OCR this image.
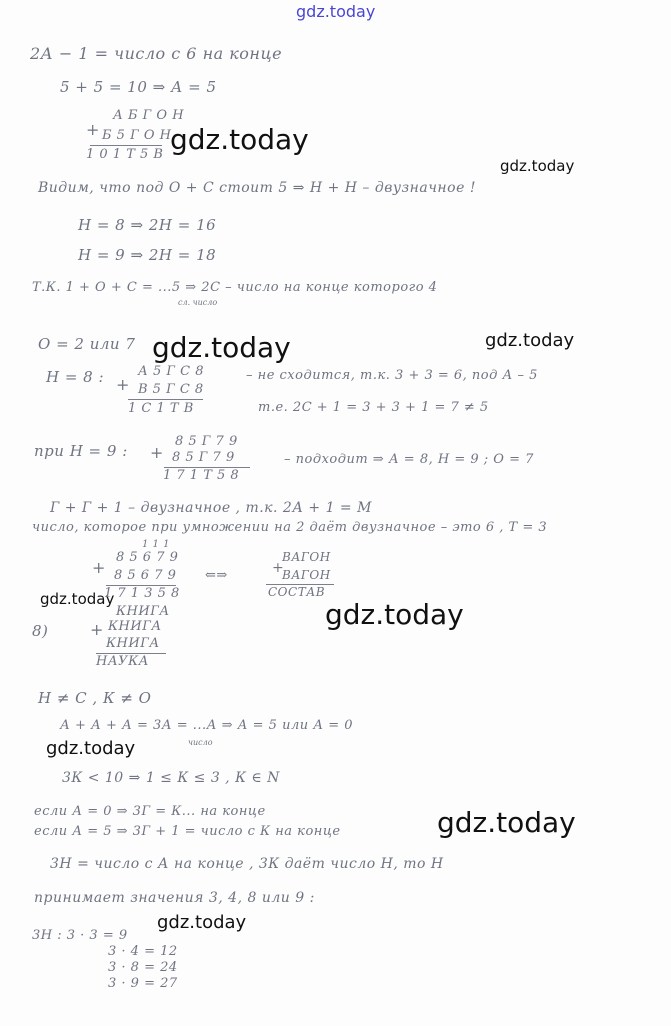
gdz.today
gdz.today
gdz.today
gdz.today	gdz.today
gdz.today	gdz.today
gdz.today
gdz.today
gdz.today
2А − 1 = число с 6 на конце
5 + 5 = 10 ⇒ А = 5
А Б Г О Н
+ Б 5 Г О Н
1 0 1 Т 5 В
Видим, что под О + С стоит 5 ⇒ Н + Н – двузначное !
Н = 8 ⇒ 2Н = 16
Н = 9 ⇒ 2Н = 18
Т.К. 1 + О + С = ...5 ⇒ 2С – число на конце которого 4
сл. число
О = 2 или 7
Н = 8 :	А 5 Г С 8
+ В 5 Г С 8
1 С 1 Т В
– не сходится, т.к. 3 + 3 = 6, под А – 5
т.е. 2С + 1 = 3 + 3 + 1 = 7 ≠ 5
при Н = 9 :
8 5 Г 7 9
+ 8 5 Г 7 9
1 7 1 Т 5 8
– подходит ⇒ А = 8, Н = 9 ; О = 7
Г + Г + 1 – двузначное , т.к. 2А + 1 = М
число, которое при умножении на 2 даёт двузначное – это 6 , Т = 3
1 1 1
8 5 6 7 9
+ 8 5 6 7 9
1 7 1 3 5 8
⇐⇒
ВАГОН
+
ВАГОН
СОСТАВ
8)
КНИГА
+ КНИГА
КНИГА
НАУКА
Н ≠ С , К ≠ О
А + А + А = 3А = ...А ⇒ А = 5 или А = 0
число
3К < 10 ⇒ 1 ≤ К ≤ 3 , К ∈ N
если А = 0 ⇒ 3Г = К... на конце
если А = 5 ⇒ 3Г + 1 = число с К на конце
3Н = число с А на конце , 3К даёт число Н, то Н
принимает значения 3, 4, 8 или 9 :
3Н : 3 · 3 = 9
3 · 4 = 12
3 · 8 = 24
3 · 9 = 27
